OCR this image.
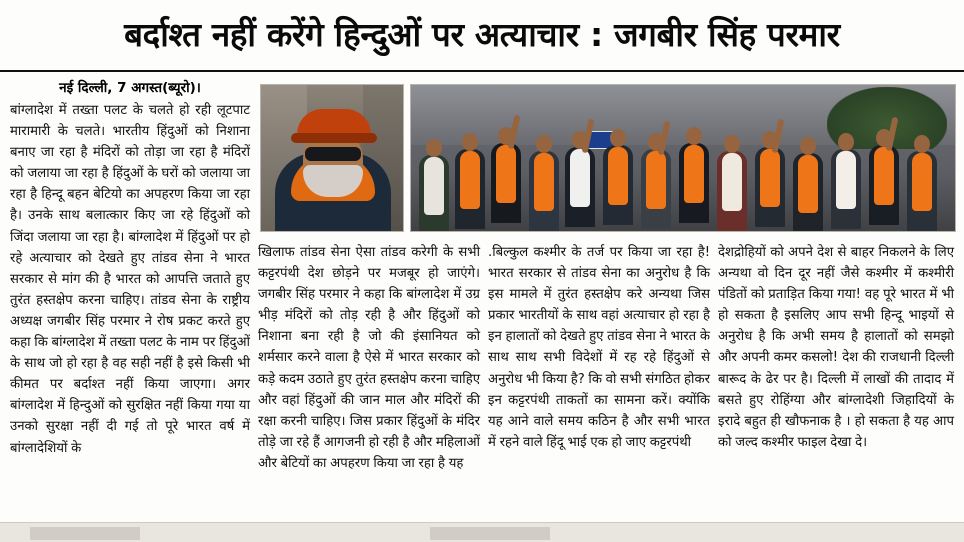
बर्दाश्त नहीं करेंगे हिन्दुओं पर अत्याचार : जगबीर सिंह परमार
नई दिल्ली, 7 अगस्त(ब्यूरो)।
बांग्लादेश में तख्ता पलट के चलते हो रही लूटपाट मारामारी के चलते। भारतीय हिंदुओं को निशाना बनाए जा रहा है मंदिरों को तोड़ा जा रहा है मंदिरों को जलाया जा रहा है हिंदुओं के घरों को जलाया जा रहा है हिन्दू बहन बेटियो का अपहरण किया जा रहा है। उनके साथ बलात्कार किए जा रहे हिंदुओं को जिंदा जलाया जा रहा है। बांग्लादेश में हिंदुओं पर हो रहे अत्याचार को देखते हुए तांडव सेना ने भारत सरकार से मांग की है भारत को आपत्ति जताते हुए तुरंत हस्तक्षेप करना चाहिए। तांडव सेना के राष्ट्रीय अध्यक्ष जगबीर सिंह परमार ने रोष प्रकट करते हुए कहा कि बांग्लादेश में तख्ता पलट के नाम पर हिंदुओं के साथ जो हो रहा है वह सही नहीं है इसे किसी भी कीमत पर बर्दाश्त नहीं किया जाएगा। अगर बांग्लादेश में हिन्दुओं को सुरक्षित नहीं किया गया या उनको सुरक्षा नहीं दी गई तो पूरे भारत वर्ष में बांग्लादेशियों के
खिलाफ तांडव सेना ऐसा तांडव करेगी के सभी कट्टरपंथी देश छोड़ने पर मजबूर हो जाएंगे। जगबीर सिंह परमार ने कहा कि बांग्लादेश में उग्र भीड़ मंदिरों को तोड़ रही है और हिंदुओं को निशाना बना रही है जो की इंसानियत को शर्मसार करने वाला है ऐसे में भारत सरकार को कड़े कदम उठाते हुए तुरंत हस्तक्षेप करना चाहिए और वहां हिंदुओं की जान माल और मंदिरों की रक्षा करनी चाहिए। जिस प्रकार हिंदुओं के मंदिर तोड़े जा रहे हैं आगजनी हो रही है और महिलाओं और बेटियों का अपहरण किया जा रहा है यह
.बिल्कुल कश्मीर के तर्ज पर किया जा रहा है! भारत सरकार से तांडव सेना का अनुरोध है कि इस मामले में तुरंत हस्तक्षेप करे अन्यथा जिस प्रकार भारतीयों के साथ वहां अत्याचार हो रहा है इन हालातों को देखते हुए तांडव सेना ने भारत के साथ साथ सभी विदेशों में रह रहे हिंदुओं से अनुरोध भी किया है? कि वो सभी संगठित होकर इन कट्टरपंथी ताकतों का सामना करें। क्योंकि यह आने वाले समय कठिन है और सभी भारत में रहने वाले हिंदू भाई एक हो जाए कट्टरपंथी
देशद्रोहियों को अपने देश से बाहर निकलने के लिए अन्यथा वो दिन दूर नहीं जैसे कश्मीर में कश्मीरी पंडितों को प्रताड़ित किया गया! वह पूरे भारत में भी हो सकता है इसलिए आप सभी हिन्दू भाइयों से अनुरोध है कि अभी समय है हालातों को समझो और अपनी कमर कसलो! देश की राजधानी दिल्ली बारूद के ढेर पर है। दिल्ली में लाखों की तादाद में बसते हुए रोहिंग्या और बांग्लादेशी जिहादियों के इरादे बहुत ही खौफनाक है । हो सकता है यह आप को जल्द कश्मीर फाइल देखा दे।
